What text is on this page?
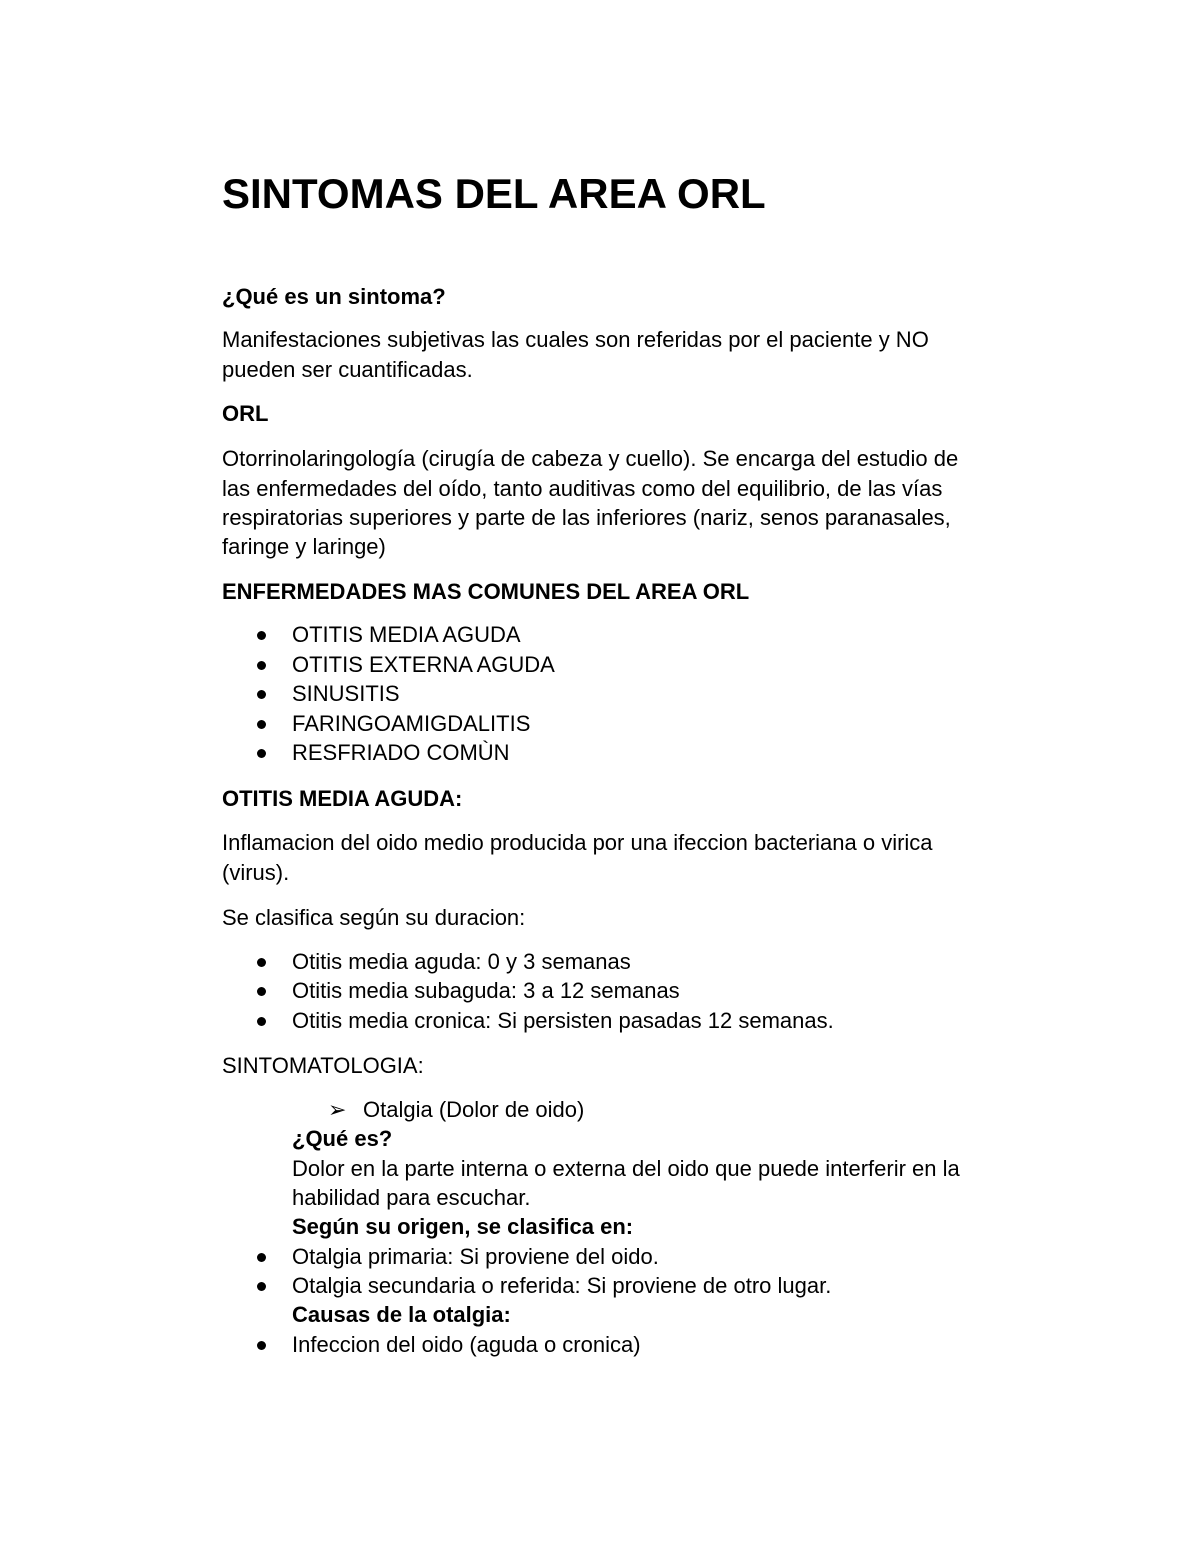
SINTOMAS DEL AREA ORL
¿Qué es un sintoma?
Manifestaciones subjetivas las cuales son referidas por el paciente y NO
pueden ser cuantificadas.
ORL
Otorrinolaringología (cirugía de cabeza y cuello). Se encarga del estudio de
las enfermedades del oído, tanto auditivas como del equilibrio, de las vías
respiratorias superiores y parte de las inferiores (nariz, senos paranasales,
faringe y laringe)
ENFERMEDADES MAS COMUNES DEL AREA ORL
OTITIS MEDIA AGUDA
OTITIS EXTERNA AGUDA
SINUSITIS
FARINGOAMIGDALITIS
RESFRIADO COMÙN
OTITIS MEDIA AGUDA:
Inflamacion del oido medio producida por una ifeccion bacteriana o virica
(virus).
Se clasifica según su duracion:
Otitis media aguda: 0 y 3 semanas
Otitis media subaguda: 3 a 12 semanas
Otitis media cronica: Si persisten pasadas 12 semanas.
SINTOMATOLOGIA:
➢ Otalgia (Dolor de oido)
¿Qué es?
Dolor en la parte interna o externa del oido que puede interferir en la
habilidad para escuchar.
Según su origen, se clasifica en:
Otalgia primaria: Si proviene del oido.
Otalgia secundaria o referida: Si proviene de otro lugar.
Causas de la otalgia:
Infeccion del oido (aguda o cronica)
